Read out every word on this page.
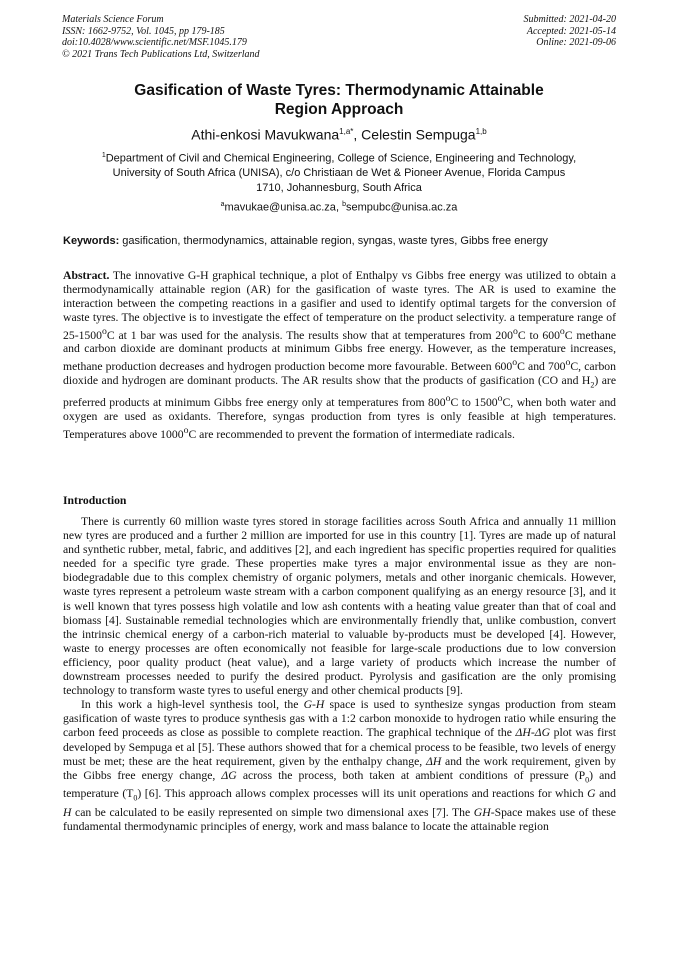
Materials Science Forum
ISSN: 1662-9752, Vol. 1045, pp 179-185
doi:10.4028/www.scientific.net/MSF.1045.179
© 2021 Trans Tech Publications Ltd, Switzerland
Submitted: 2021-04-20
Accepted: 2021-05-14
Online: 2021-09-06
Gasification of Waste Tyres: Thermodynamic Attainable
Region Approach
Athi-enkosi Mavukwana$^{1,a*}$, Celestin Sempuga$^{1,b}$
$^1$Department of Civil and Chemical Engineering, College of Science, Engineering and Technology,
University of South Africa (UNISA), c/o Christiaan de Wet & Pioneer Avenue, Florida Campus
1710, Johannesburg, South Africa
$^a$mavukae@unisa.ac.za, $^b$sempubc@unisa.ac.za
Keywords: gasification, thermodynamics, attainable region, syngas, waste tyres, Gibbs free energy
Abstract. The innovative G-H graphical technique, a plot of Enthalpy vs Gibbs free energy was utilized to obtain a thermodynamically attainable region (AR) for the gasification of waste tyres. The AR is used to examine the interaction between the competing reactions in a gasifier and used to identify optimal targets for the conversion of waste tyres. The objective is to investigate the effect of temperature on the product selectivity. a temperature range of 25-1500$^o$C at 1 bar was used for the analysis. The results show that at temperatures from 200$^o$C to 600$^o$C methane and carbon dioxide are dominant products at minimum Gibbs free energy. However, as the temperature increases, methane production decreases and hydrogen production become more favourable. Between 600$^o$C and 700$^o$C, carbon dioxide and hydrogen are dominant products. The AR results show that the products of gasification (CO and $H_2$) are preferred products at minimum Gibbs free energy only at temperatures from 800$^o$C to 1500$^o$C, when both water and oxygen are used as oxidants. Therefore, syngas production from tyres is only feasible at high temperatures. Temperatures above 1000$^o$C are recommended to prevent the formation of intermediate radicals.
Introduction

There is currently 60 million waste tyres stored in storage facilities across South Africa and annually 11 million new tyres are produced and a further 2 million are imported for use in this country [1]. Tyres are made up of natural and synthetic rubber, metal, fabric, and additives [2], and each ingredient has specific properties required for qualities needed for a specific tyre grade. These properties make tyres a major environmental issue as they are non-biodegradable due to this complex chemistry of organic polymers, metals and other inorganic chemicals. However, waste tyres represent a petroleum waste stream with a carbon component qualifying as an energy resource [3], and it is well known that tyres possess high volatile and low ash contents with a heating value greater than that of coal and biomass [4]. Sustainable remedial technologies which are environmentally friendly that, unlike combustion, convert the intrinsic chemical energy of a carbon-rich material to valuable by-products must be developed [4]. However, waste to energy processes are often economically not feasible for large-scale productions due to low conversion efficiency, poor quality product (heat value), and a large variety of products which increase the number of downstream processes needed to purify the desired product. Pyrolysis and gasification are the only promising technology to transform waste tyres to useful energy and other chemical products [9].

In this work a high-level synthesis tool, the G-H space is used to synthesize syngas production from steam gasification of waste tyres to produce synthesis gas with a 1:2 carbon monoxide to hydrogen ratio while ensuring the carbon feed proceeds as close as possible to complete reaction. The graphical technique of the ΔH-ΔG plot was first developed by Sempuga et al [5]. These authors showed that for a chemical process to be feasible, two levels of energy must be met; these are the heat requirement, given by the enthalpy change, ΔH and the work requirement, given by the Gibbs free energy change, ΔG across the process, both taken at ambient conditions of pressure $(P_0)$ and temperature $(T_0)$ [6]. This approach allows complex processes will its unit operations and reactions for which G and H can be calculated to be easily represented on simple two dimensional axes [7]. The GH-Space makes use of these fundamental thermodynamic principles of energy, work and mass balance to locate the attainable region
